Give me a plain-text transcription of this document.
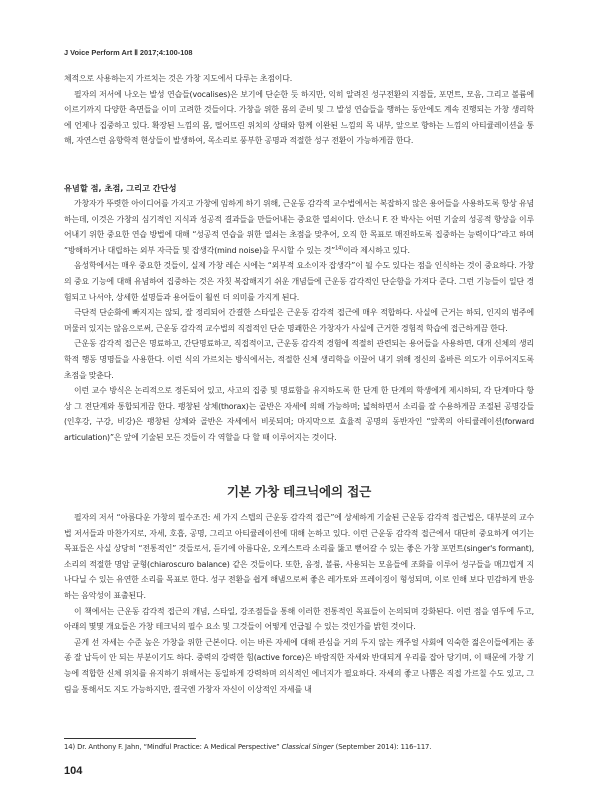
J Voice Perform Art Ⅱ 2017;4:100-108

체적으로 사용하는지 가르치는 것은 가창 지도에서 다루는 초점이다.

필자의 저서에 나오는 발성 연습들(vocalises)은 보기에 단순한 듯 하지만, 익히 알려진 성구전환의 지점들, 포먼트, 모음, 그리고 볼륨에 이르기까지 다양한 측면들을 이미 고려한 것들이다. 가창을 위한 몸의 준비 및 그 발성 연습들을 행하는 동안에도 계속 진행되는 가창 생리학에 언제나 집중하고 있다. 확장된 느낌의 몸, 떨어뜨린 위치의 상태와 함께 이완된 느낌의 목 내부, 앞으로 향하는 느낌의 아티큘레이션을 통해, 자연스런 음향학적 현상들이 발생하여, 목소리로 풍부한 공명과 적절한 성구 전환이 가능하게끔 한다.

유념할 점, 초점, 그리고 간단성

가창자가 뚜렷한 아이디어를 가지고 가창에 임하게 하기 위해, 근운동 감각적 교수법에서는 복잡하지 않은 용어들을 사용하도록 항상 유념하는데, 이것은 가창의 심기적인 지식과 성공적 결과들을 만들어내는 중요한 열쇠이다. 안소니 F. 잔 박사는 어떤 기술의 성공적 향상을 이루어내기 위한 중요한 연습 방법에 대해 “성공적 연습을 위한 열쇠는 초점을 맞추어, 오직 한 목표로 매진하도록 집중하는 능력이다”라고 하며 “방해하거나 대립하는 외부 자극들 및 잡생각(mind noise)을 무시할 수 있는 것”$^{14)}$이라 제시하고 있다.

음성학에서는 매우 중요한 것들이, 실제 가창 레슨 시에는 “외부적 요소이자 잡생각”이 될 수도 있다는 점을 인식하는 것이 중요하다. 가창의 중요 기능에 대해 유념하여 집중하는 것은 자칫 복잡해지기 쉬운 개념들에 근운동 감각적인 단순함을 가져다 준다. 그런 기능들이 일단 경험되고 나서야, 상세한 설명들과 용어들이 훨씬 더 의미를 가지게 된다.

극단적 단순화에 빠지지는 않되, 잘 정리되어 간결한 스타일은 근운동 감각적 접근에 매우 적합하다. 사실에 근거는 하되, 인지의 범주에 머물러 있지는 않음으로써, 근운동 감각적 교수법의 직접적인 단순 명쾌한은 가창자가 사실에 근거한 경험적 학습에 접근하게끔 한다.

근운동 감각적 접근은 명료하고, 간단명료하고, 직접적이고, 근운동 감각적 경험에 적절히 관련되는 용어들을 사용하면, 대개 신체의 생리학적 행동 명명들을 사용한다. 이런 식의 가르치는 방식에서는, 적절한 신체 생리학을 이끌어 내기 위해 정신의 올바른 의도가 이루어지도록 초점을 맞춘다.

이런 교수 방식은 논리적으로 정돈되어 있고, 사고의 집중 및 명료함을 유지하도록 한 단계 한 단계의 학생에게 제시하되, 각 단계마다 항상 그 전단계와 통합되게끔 한다. 팽창된 상체(thorax)는 골반은 자세에 의해 가능하며; 넓혀하면서 소리를 잘 수용하게끔 조절된 공명강들(인후강, 구강, 비강)은 팽창된 상체와 골반은 자세에서 비롯되며; 마지막으로 효율적 공명의 동반자인 “앞쪽의 아티큘레이션(forward articulation)”은 앞에 기술된 모든 것들이 각 역할을 다 할 때 이루어지는 것이다.

기본 가창 테크닉에의 접근

필자의 저서 “아름다운 가창의 필수조건: 세 가지 스텝의 근운동 감각적 접근”에 상세하게 기술된 근운동 감각적 접근법은, 대부분의 교수법 저서들과 마찬가지로, 자세, 호흡, 공명, 그리고 아티큘레이션에 대해 논하고 있다. 이런 근운동 감각적 접근에서 대단히 중요하게 여기는 목표들은 사실 상당히 “전통적인” 것들로서, 듣기에 아름다운, 오케스트라 소리를 뚫고 뻗어갈 수 있는 좋은 가창 포먼트(singer's formant), 소리의 적절한 명암 균형(chiaroscuro balance) 같은 것들이다. 또한, 음정, 볼륨, 사용되는 모음들에 조화를 이루어 성구들을 매끄럽게 지나다닐 수 있는 유연한 소리를 목표로 한다. 성구 전환을 쉽게 해냄으로써 좋은 레가토와 프레이징이 형성되며, 이로 인해 보다 민감하게 반응하는 음악성이 표출된다.

이 책에서는 근운동 감각적 접근의 개념, 스타일, 강조점들을 통해 이러한 전통적인 목표들이 논의되며 강화된다. 이런 점을 염두에 두고, 아래의 몇몇 개요들은 가창 테크닉의 필수 요소 및 그것들이 어떻게 언급될 수 있는 것인가를 밝힌 것이다.

곧게 선 자세는 수준 높은 가창을 위한 근본이다. 이는 바른 자세에 대해 관심을 거의 두지 않는 캐주얼 사회에 익숙한 젊은이들에게는 종종 잘 납득이 안 되는 부분이기도 하다. 중력의 강력한 힘(active force)은 바람직한 자세와 반대되게 우리를 잡아 당기며, 이 때문에 가창 기능에 적합한 신체 위치를 유지하기 위해서는 동일하게 강력하며 의식적인 에너지가 필요하다. 자세의 좋고 나쁨은 직접 가르칠 수도 있고, 그림을 통해서도 지도 가능하지만, 결국엔 가창자 자신이 이상적인 자세를 내

14) Dr. Anthony F. Jahn, “Mindful Practice: A Medical Perspective” Classical Singer (September 2014): 116–117.
104
